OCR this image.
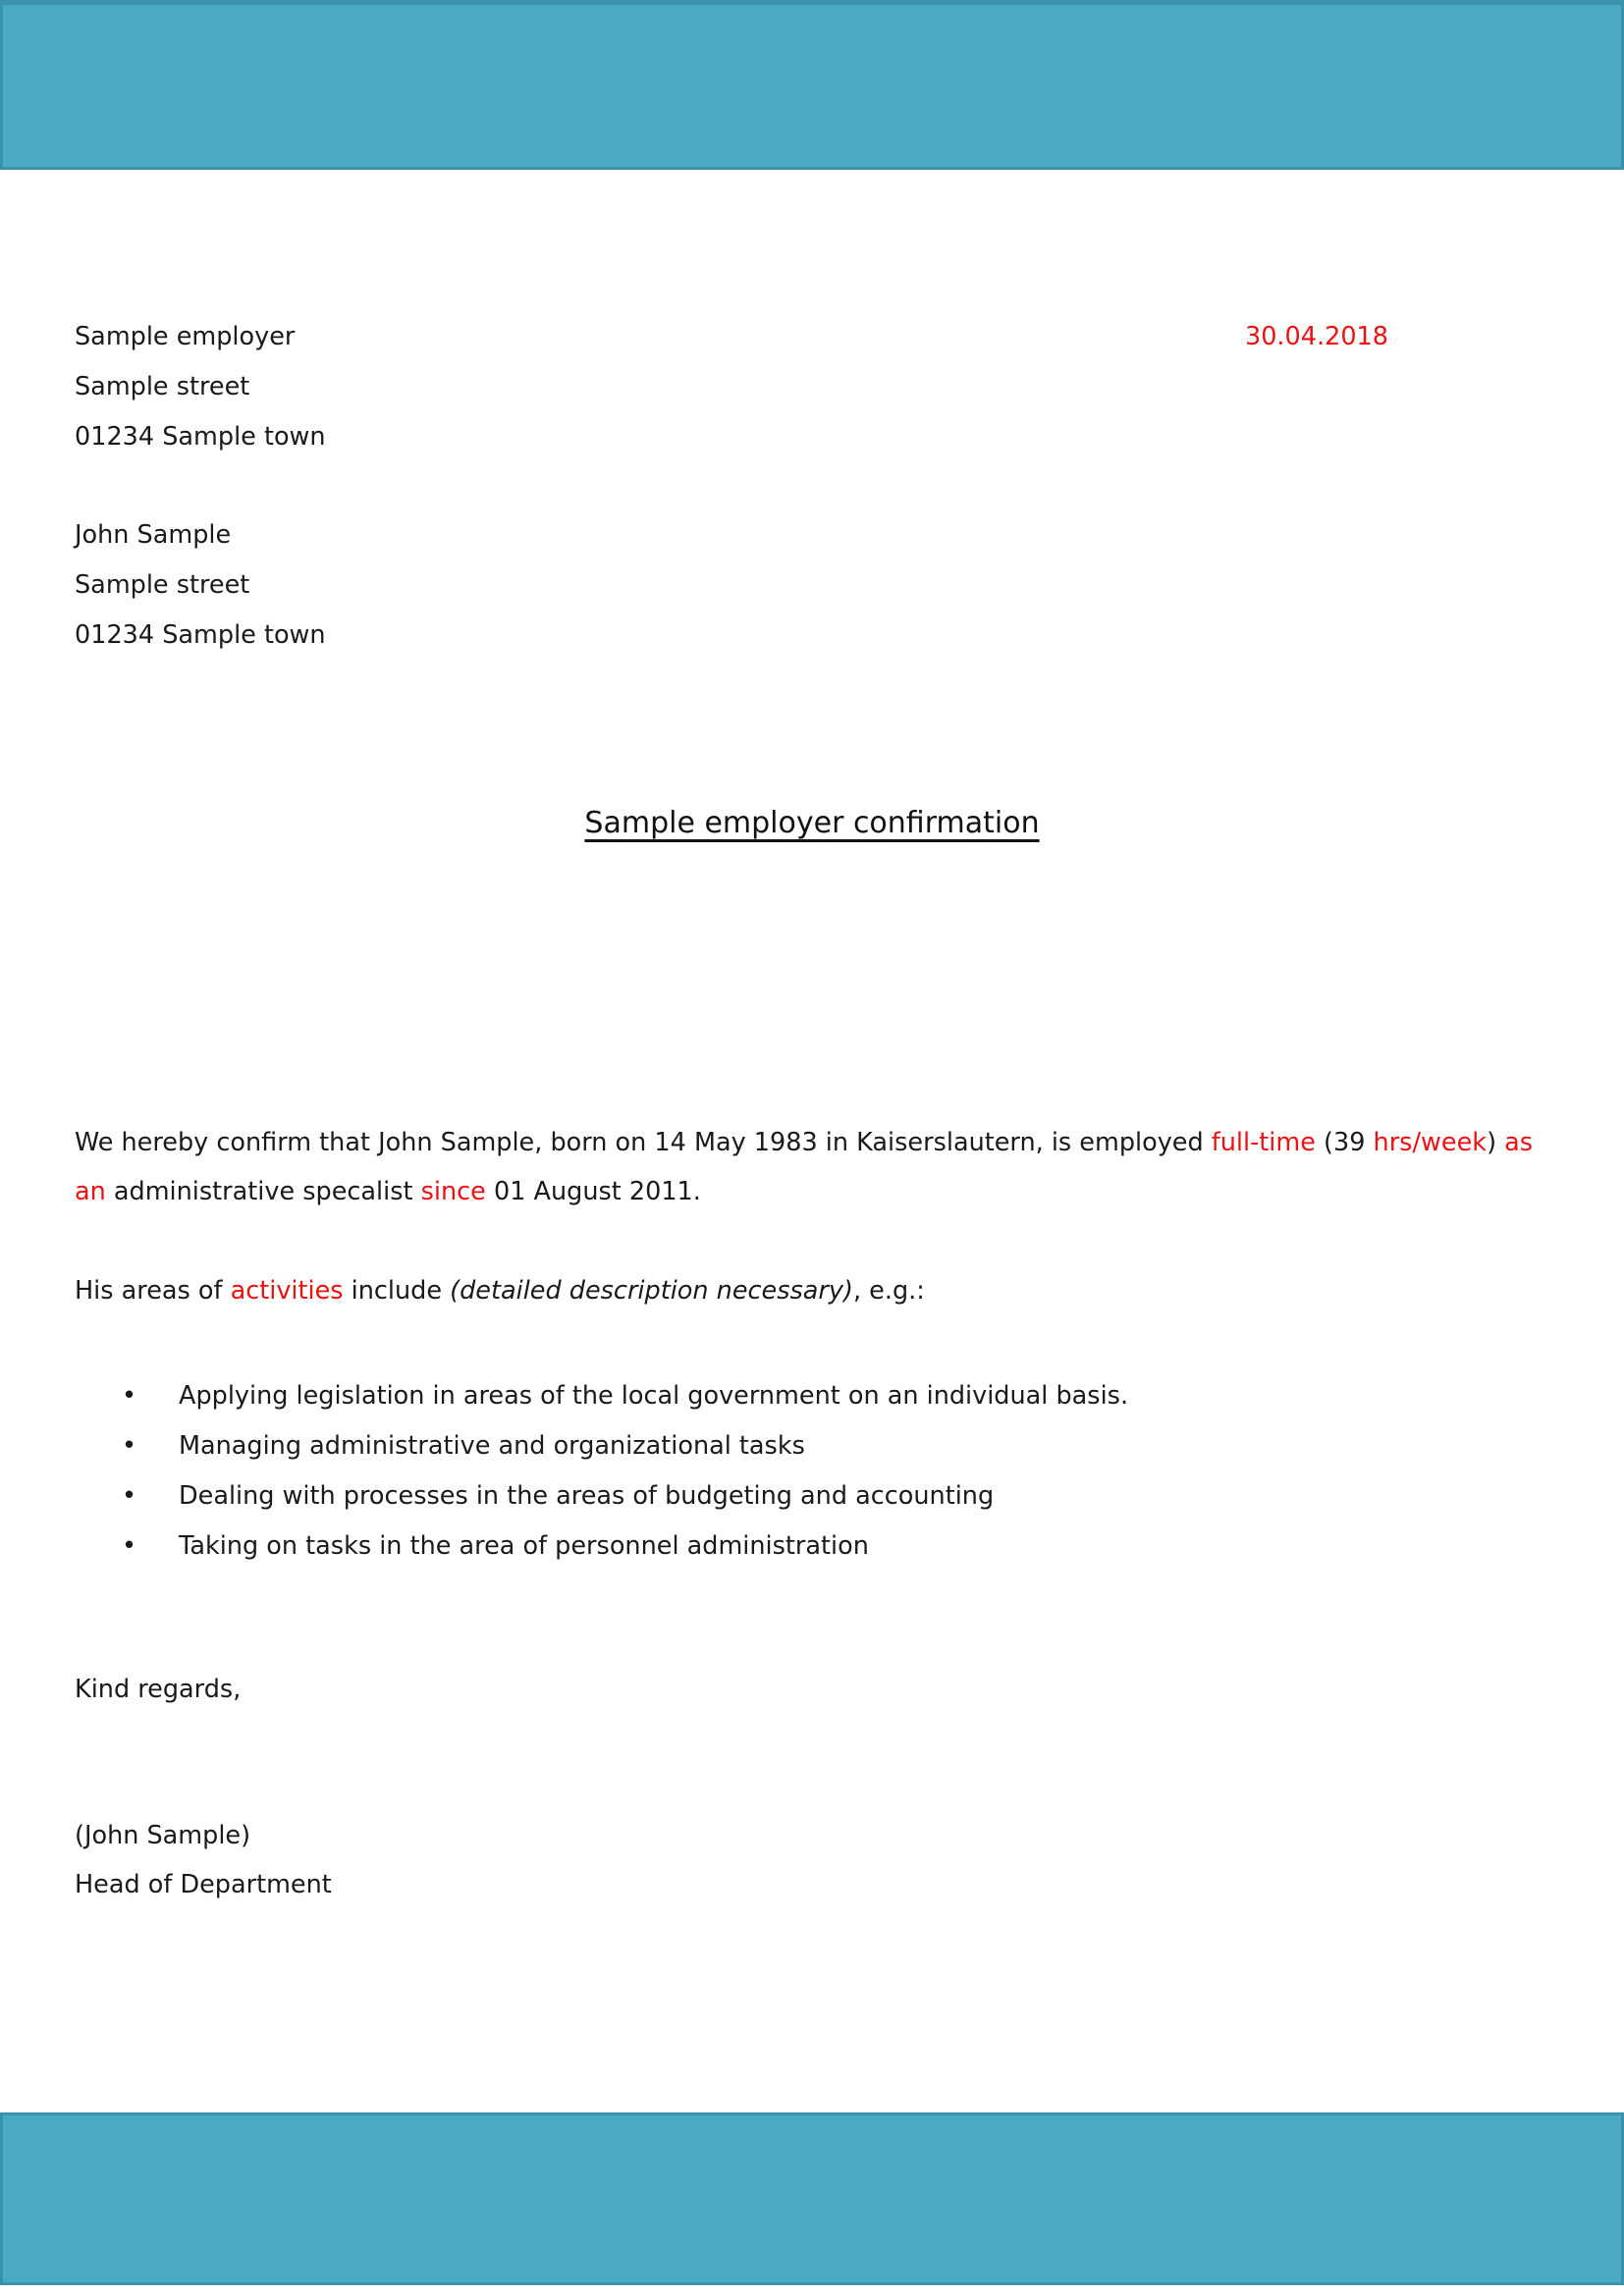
Sample employer
Sample street
01234 Sample town
30.04.2018
John Sample
Sample street
01234 Sample town
Sample employer confirmation
We hereby confirm that John Sample, born on 14 May 1983 in Kaiserslautern, is employed full-time (39 hrs/week) as an administrative specalist since 01 August 2011.
His areas of activities include (detailed description necessary), e.g.:
• Applying legislation in areas of the local government on an individual basis.
• Managing administrative and organizational tasks
• Dealing with processes in the areas of budgeting and accounting
• Taking on tasks in the area of personnel administration
Kind regards,
(John Sample)
Head of Department
